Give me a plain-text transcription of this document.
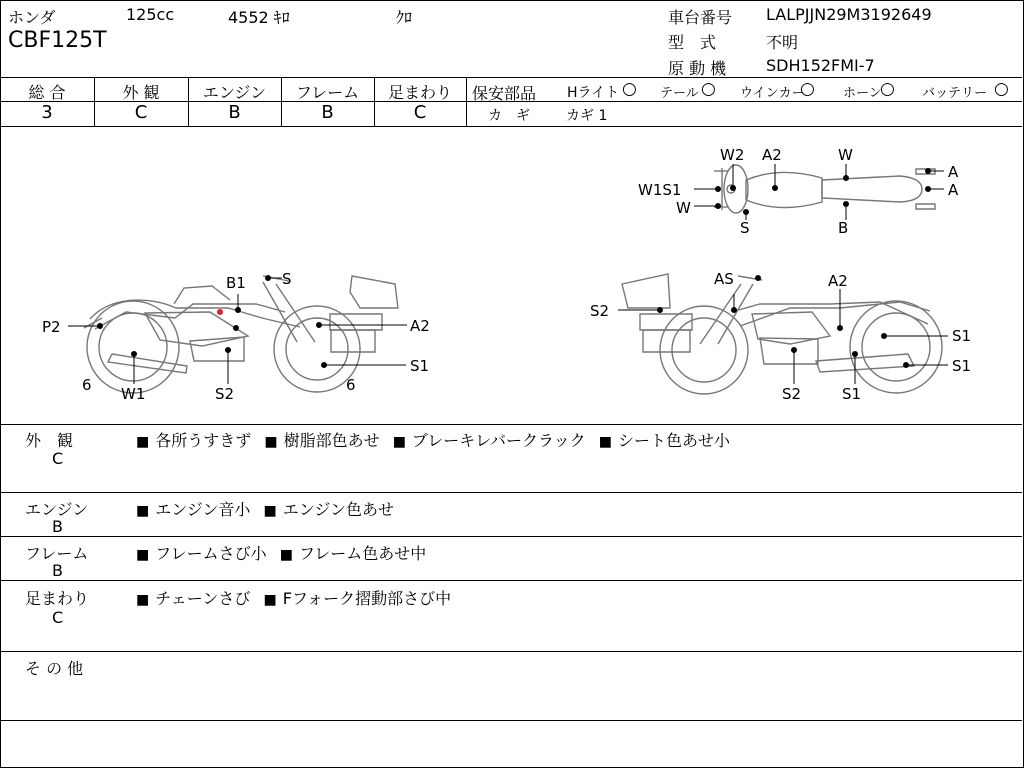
ホンダ	125cc	4552 ｷﾛ	ｸﾛ
CBF125T
車台番号 LALPJJN29M3192649
型　式	不明
原 動 機 SDH152FMI-7
総 合	外 観	エンジン	フレーム	足まわり
3	C	B	B	C
保安部品 Hライト ○ テール ○ ウインカー
○ ホーン
○ バッテリー ○
カ　ギ	カギ 1
P2
B1 S
A2
S1
6 W1	S2	6
S2
AS	A2
S1
S1
S2	S1
W2 A2	W
A
A
W1S1
W
S	B
外　観
C
■ 各所うすきず ■ 樹脂部色あせ ■ ブレーキレバークラック ■ シート色あせ小
エンジン
B
■ エンジン音小 ■ エンジン色あせ
フレーム
B
■ フレームさび小 ■ フレーム色あせ中
足まわり
C
■ チェーンさび ■ Fフォーク摺動部さび中
そ の 他
